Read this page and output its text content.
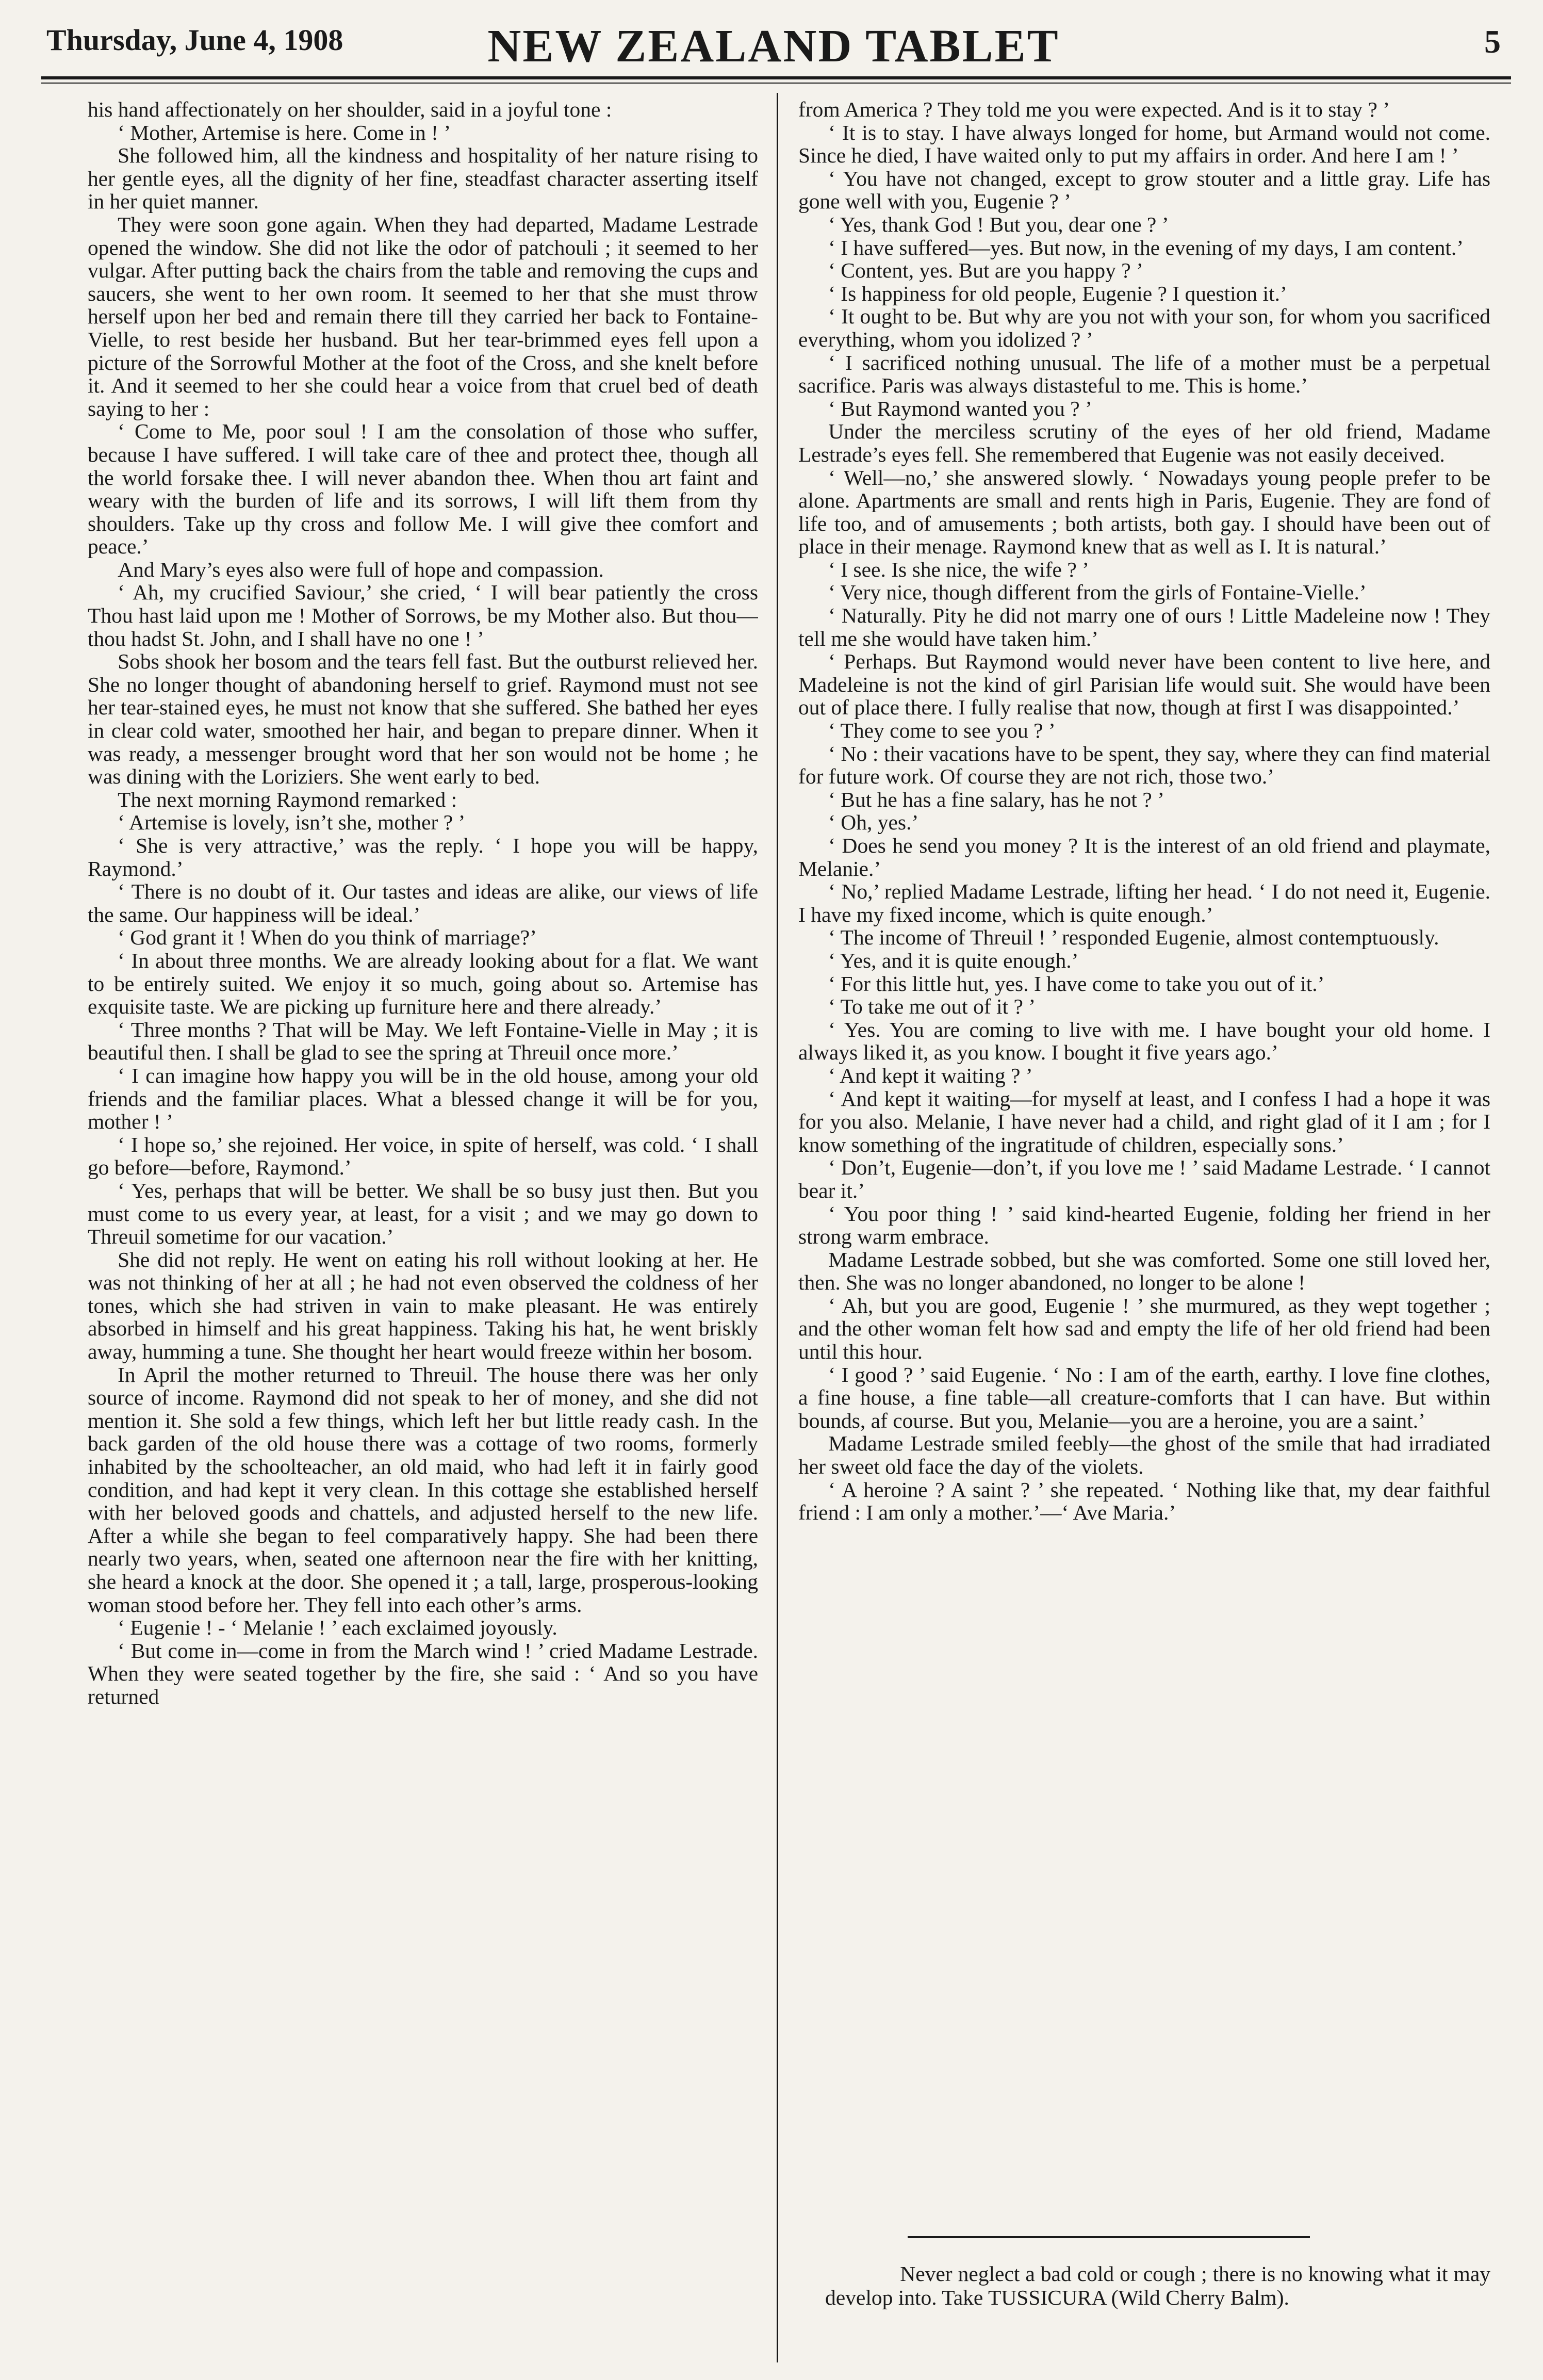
Thursday, June 4, 1908	NEW ZEALAND TABLET	5

his hand affectionately on her shoulder, said in a joyful tone :

‘ Mother, Artemise is here. Come in ! ’

She followed him, all the kindness and hospitality of her nature rising to her gentle eyes, all the dignity of her fine, steadfast character asserting itself in her quiet manner.

They were soon gone again. When they had departed, Madame Lestrade opened the window. She did not like the odor of patchouli ; it seemed to her vulgar. After putting back the chairs from the table and removing the cups and saucers, she went to her own room. It seemed to her that she must throw herself upon her bed and remain there till they carried her back to Fontaine-Vielle, to rest beside her husband. But her tear-brimmed eyes fell upon a picture of the Sorrowful Mother at the foot of the Cross, and she knelt before it. And it seemed to her she could hear a voice from that cruel bed of death saying to her :

‘ Come to Me, poor soul ! I am the consolation of those who suffer, because I have suffered. I will take care of thee and protect thee, though all the world forsake thee. I will never abandon thee. When thou art faint and weary with the burden of life and its sorrows, I will lift them from thy shoulders. Take up thy cross and follow Me. I will give thee comfort and peace.’

And Mary’s eyes also were full of hope and compassion.

‘ Ah, my crucified Saviour,’ she cried, ‘ I will bear patiently the cross Thou hast laid upon me ! Mother of Sorrows, be my Mother also. But thou—thou hadst St. John, and I shall have no one ! ’

Sobs shook her bosom and the tears fell fast. But the outburst relieved her. She no longer thought of abandoning herself to grief. Raymond must not see her tear-stained eyes, he must not know that she suffered. She bathed her eyes in clear cold water, smoothed her hair, and began to prepare dinner. When it was ready, a messenger brought word that her son would not be home ; he was dining with the Loriziers. She went early to bed.

The next morning Raymond remarked :

‘ Artemise is lovely, isn’t she, mother ? ’

‘ She is very attractive,’ was the reply. ‘ I hope you will be happy, Raymond.’

‘ There is no doubt of it. Our tastes and ideas are alike, our views of life the same. Our happiness will be ideal.’

‘ God grant it ! When do you think of marriage?’

‘ In about three months. We are already looking about for a flat. We want to be entirely suited. We enjoy it so much, going about so. Artemise has exquisite taste. We are picking up furniture here and there already.’

‘ Three months ? That will be May. We left Fontaine-Vielle in May ; it is beautiful then. I shall be glad to see the spring at Threuil once more.’

‘ I can imagine how happy you will be in the old house, among your old friends and the familiar places. What a blessed change it will be for you, mother ! ’

‘ I hope so,’ she rejoined. Her voice, in spite of herself, was cold. ‘ I shall go before—before, Raymond.’

‘ Yes, perhaps that will be better. We shall be so busy just then. But you must come to us every year, at least, for a visit ; and we may go down to Threuil sometime for our vacation.’

She did not reply. He went on eating his roll without looking at her. He was not thinking of her at all ; he had not even observed the coldness of her tones, which she had striven in vain to make pleasant. He was entirely absorbed in himself and his great happiness. Taking his hat, he went briskly away, humming a tune. She thought her heart would freeze within her bosom.

In April the mother returned to Threuil. The house there was her only source of income. Raymond did not speak to her of money, and she did not mention it. She sold a few things, which left her but little ready cash. In the back garden of the old house there was a cottage of two rooms, formerly inhabited by the schoolteacher, an old maid, who had left it in fairly good condition, and had kept it very clean. In this cottage she established herself with her beloved goods and chattels, and adjusted herself to the new life. After a while she began to feel comparatively happy. She had been there nearly two years, when, seated one afternoon near the fire with her knitting, she heard a knock at the door. She opened it ; a tall, large, prosperous-looking woman stood before her. They fell into each other’s arms.

‘ Eugenie ! - ‘ Melanie ! ’ each exclaimed joyously.

‘ But come in—come in from the March wind ! ’ cried Madame Lestrade. When they were seated together by the fire, she said : ‘ And so you have returned

from America ? They told me you were expected. And is it to stay ? ’

‘ It is to stay. I have always longed for home, but Armand would not come. Since he died, I have waited only to put my affairs in order. And here I am ! ’

‘ You have not changed, except to grow stouter and a little gray. Life has gone well with you, Eugenie ? ’

‘ Yes, thank God ! But you, dear one ? ’

‘ I have suffered—yes. But now, in the evening of my days, I am content.’

‘ Content, yes. But are you happy ? ’

‘ Is happiness for old people, Eugenie ? I question it.’

‘ It ought to be. But why are you not with your son, for whom you sacrificed everything, whom you idolized ? ’

‘ I sacrificed nothing unusual. The life of a mother must be a perpetual sacrifice. Paris was always distasteful to me. This is home.’

‘ But Raymond wanted you ? ’

Under the merciless scrutiny of the eyes of her old friend, Madame Lestrade’s eyes fell. She remembered that Eugenie was not easily deceived.

‘ Well—no,’ she answered slowly. ‘ Nowadays young people prefer to be alone. Apartments are small and rents high in Paris, Eugenie. They are fond of life too, and of amusements ; both artists, both gay. I should have been out of place in their menage. Raymond knew that as well as I. It is natural.’

‘ I see. Is she nice, the wife ? ’

‘ Very nice, though different from the girls of Fontaine-Vielle.’

‘ Naturally. Pity he did not marry one of ours ! Little Madeleine now ! They tell me she would have taken him.’

‘ Perhaps. But Raymond would never have been content to live here, and Madeleine is not the kind of girl Parisian life would suit. She would have been out of place there. I fully realise that now, though at first I was disappointed.’

‘ They come to see you ? ’

‘ No : their vacations have to be spent, they say, where they can find material for future work. Of course they are not rich, those two.’

‘ But he has a fine salary, has he not ? ’

‘ Oh, yes.’

‘ Does he send you money ? It is the interest of an old friend and playmate, Melanie.’

‘ No,’ replied Madame Lestrade, lifting her head. ‘ I do not need it, Eugenie. I have my fixed income, which is quite enough.’

‘ The income of Threuil ! ’ responded Eugenie, almost contemptuously.

‘ Yes, and it is quite enough.’

‘ For this little hut, yes. I have come to take you out of it.’

‘ To take me out of it ? ’

‘ Yes. You are coming to live with me. I have bought your old home. I always liked it, as you know. I bought it five years ago.’

‘ And kept it waiting ? ’

‘ And kept it waiting—for myself at least, and I confess I had a hope it was for you also. Melanie, I have never had a child, and right glad of it I am ; for I know something of the ingratitude of children, especially sons.’

‘ Don’t, Eugenie—don’t, if you love me ! ’ said Madame Lestrade. ‘ I cannot bear it.’

‘ You poor thing ! ’ said kind-hearted Eugenie, folding her friend in her strong warm embrace.

Madame Lestrade sobbed, but she was comforted. Some one still loved her, then. She was no longer abandoned, no longer to be alone !

‘ Ah, but you are good, Eugenie ! ’ she murmured, as they wept together ; and the other woman felt how sad and empty the life of her old friend had been until this hour.

‘ I good ? ’ said Eugenie. ‘ No : I am of the earth, earthy. I love fine clothes, a fine house, a fine table—all creature-comforts that I can have. But within bounds, af course. But you, Melanie—you are a heroine, you are a saint.’

Madame Lestrade smiled feebly—the ghost of the smile that had irradiated her sweet old face the day of the violets.

‘ A heroine ? A saint ? ’ she repeated. ‘ Nothing like that, my dear faithful friend : I am only a mother.’—‘ Ave Maria.’

Never neglect a bad cold or cough ; there is no knowing what it may develop into. Take TUSSICURA (Wild Cherry Balm).
